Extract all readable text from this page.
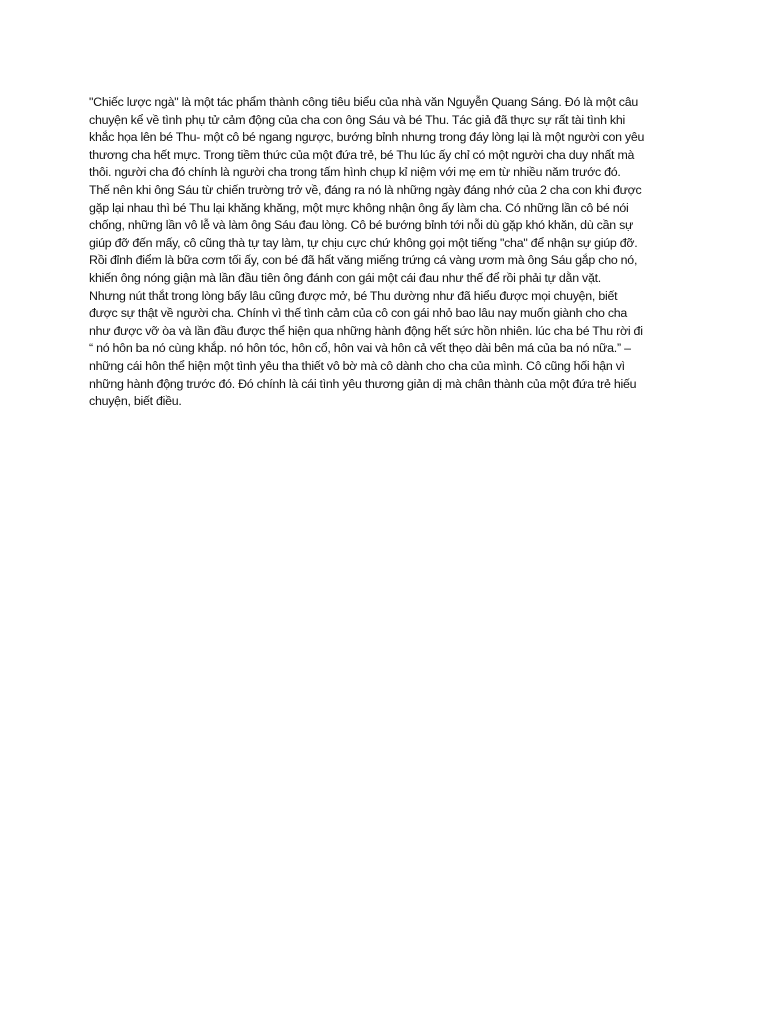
"Chiếc lược ngà" là một tác phẩm thành công tiêu biểu của nhà văn Nguyễn Quang Sáng. Đó là một câu
chuyện kể về tình phụ tử cảm động của cha con ông Sáu và bé Thu. Tác giả đã thực sự rất tài tình khi
khắc họa lên bé Thu- một cô bé ngang ngược, bướng bỉnh nhưng trong đáy lòng lại là một người con yêu
thương cha hết mực. Trong tiềm thức của một đứa trẻ, bé Thu lúc ấy chỉ có một người cha duy nhất mà
thôi. người cha đó chính là người cha trong tấm hình chụp kỉ niệm với mẹ em từ nhiều năm trước đó.
Thế nên khi ông Sáu từ chiến trường trở về, đáng ra nó là những ngày đáng nhớ của 2 cha con khi được
gặp lại nhau thì bé Thu lại khăng khăng, một mực không nhận ông ấy làm cha. Có những lần cô bé nói
chống, những lần vô lễ và làm ông Sáu đau lòng. Cô bé bướng bỉnh tới nỗi dù gặp khó khăn, dù cần sự
giúp đỡ đến mấy, cô cũng thà tự tay làm, tự chịu cực chứ không gọi một tiếng "cha" để nhận sự giúp đỡ.
Rồi đỉnh điểm là bữa cơm tối ấy, con bé đã hất văng miếng trứng cá vàng ươm mà ông Sáu gắp cho nó,
khiến ông nóng giận mà lần đầu tiên ông đánh con gái một cái đau như thế để rồi phải tự dằn vặt.
Nhưng nút thắt trong lòng bấy lâu cũng được mở, bé Thu dường như đã hiểu được mọi chuyện, biết
được sự thật về người cha. Chính vì thế tình cảm của cô con gái nhỏ bao lâu nay muốn giành cho cha
như được vỡ òa và lần đầu được thể hiện qua những hành động hết sức hồn nhiên. lúc cha bé Thu rời đi
“ nó hôn ba nó cùng khắp. nó hôn tóc, hôn cổ, hôn vai và hôn cả vết thẹo dài bên má của ba nó nữa.” –
những cái hôn thể hiện một tình yêu tha thiết vô bờ mà cô dành cho cha của mình. Cô cũng hối hận vì
những hành động trước đó. Đó chính là cái tình yêu thương giản dị mà chân thành của một đứa trẻ hiếu
chuyện, biết điều.
